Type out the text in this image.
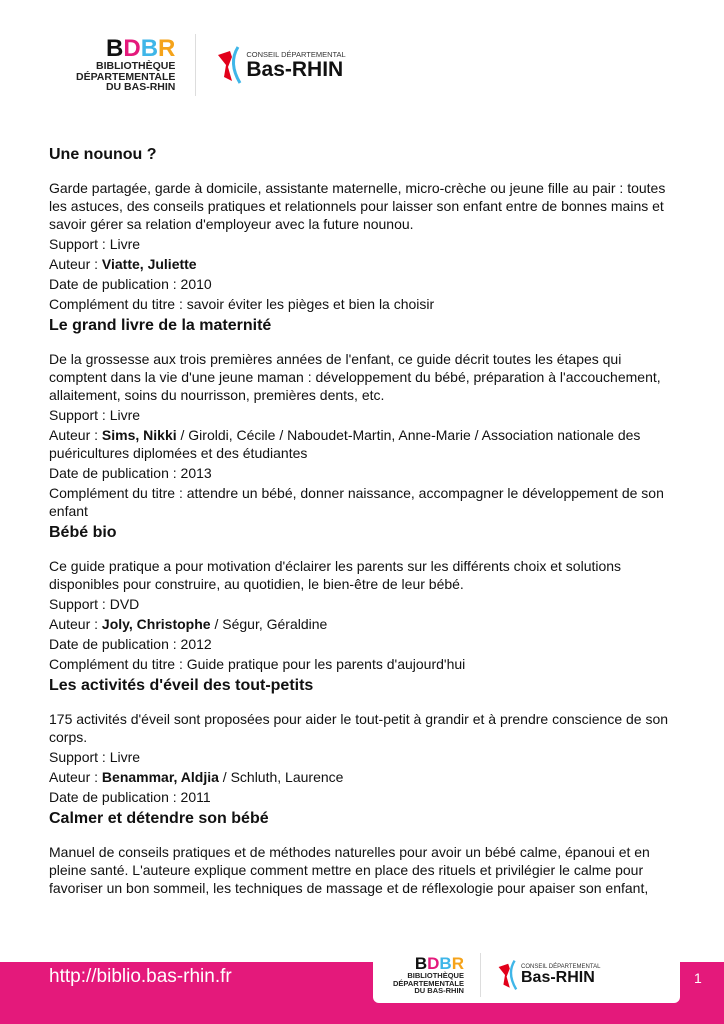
BDBR
BIBLIOTHÈQUE
DÉPARTEMENTALE
DU BAS-RHIN
CONSEIL DÉPARTEMENTAL
Bas-RHIN
Une nounou ?

Garde partagée, garde à domicile, assistante maternelle, micro-crèche ou jeune fille au pair : toutes les astuces, des conseils pratiques et relationnels pour laisser son enfant entre de bonnes mains et savoir gérer sa relation d'employeur avec la future nounou.

Support : Livre

Auteur : Viatte, Juliette

Date de publication : 2010

Complément du titre : savoir éviter les pièges et bien la choisir

Le grand livre de la maternité

De la grossesse aux trois premières années de l'enfant, ce guide décrit toutes les étapes qui comptent dans la vie d'une jeune maman : développement du bébé, préparation à l'accouchement, allaitement, soins du nourrisson, premières dents, etc.

Support : Livre

Auteur : Sims, Nikki / Giroldi, Cécile / Naboudet-Martin, Anne-Marie / Association nationale des puéricultures diplomées et des étudiantes

Date de publication : 2013

Complément du titre : attendre un bébé, donner naissance, accompagner le développement de son enfant

Bébé bio

Ce guide pratique a pour motivation d'éclairer les parents sur les différents choix et solutions disponibles pour construire, au quotidien, le bien-être de leur bébé.

Support : DVD

Auteur : Joly, Christophe / Ségur, Géraldine

Date de publication : 2012

Complément du titre : Guide pratique pour les parents d'aujourd'hui

Les activités d'éveil des tout-petits

175 activités d'éveil sont proposées pour aider le tout-petit à grandir et à prendre conscience de son corps.

Support : Livre

Auteur : Benammar, Aldjia / Schluth, Laurence

Date de publication : 2011

Calmer et détendre son bébé

Manuel de conseils pratiques et de méthodes naturelles pour avoir un bébé calme, épanoui et en pleine santé. L'auteure explique comment mettre en place des rituels et privilégier le calme pour favoriser un bon sommeil, les techniques de massage et de réflexologie pour apaiser son enfant,

BDBR
BIBLIOTHÈQUE
DÉPARTEMENTALE
DU BAS-RHIN
CONSEIL DÉPARTEMENTAL
Bas-RHIN
http://biblio.bas-rhin.fr	1
